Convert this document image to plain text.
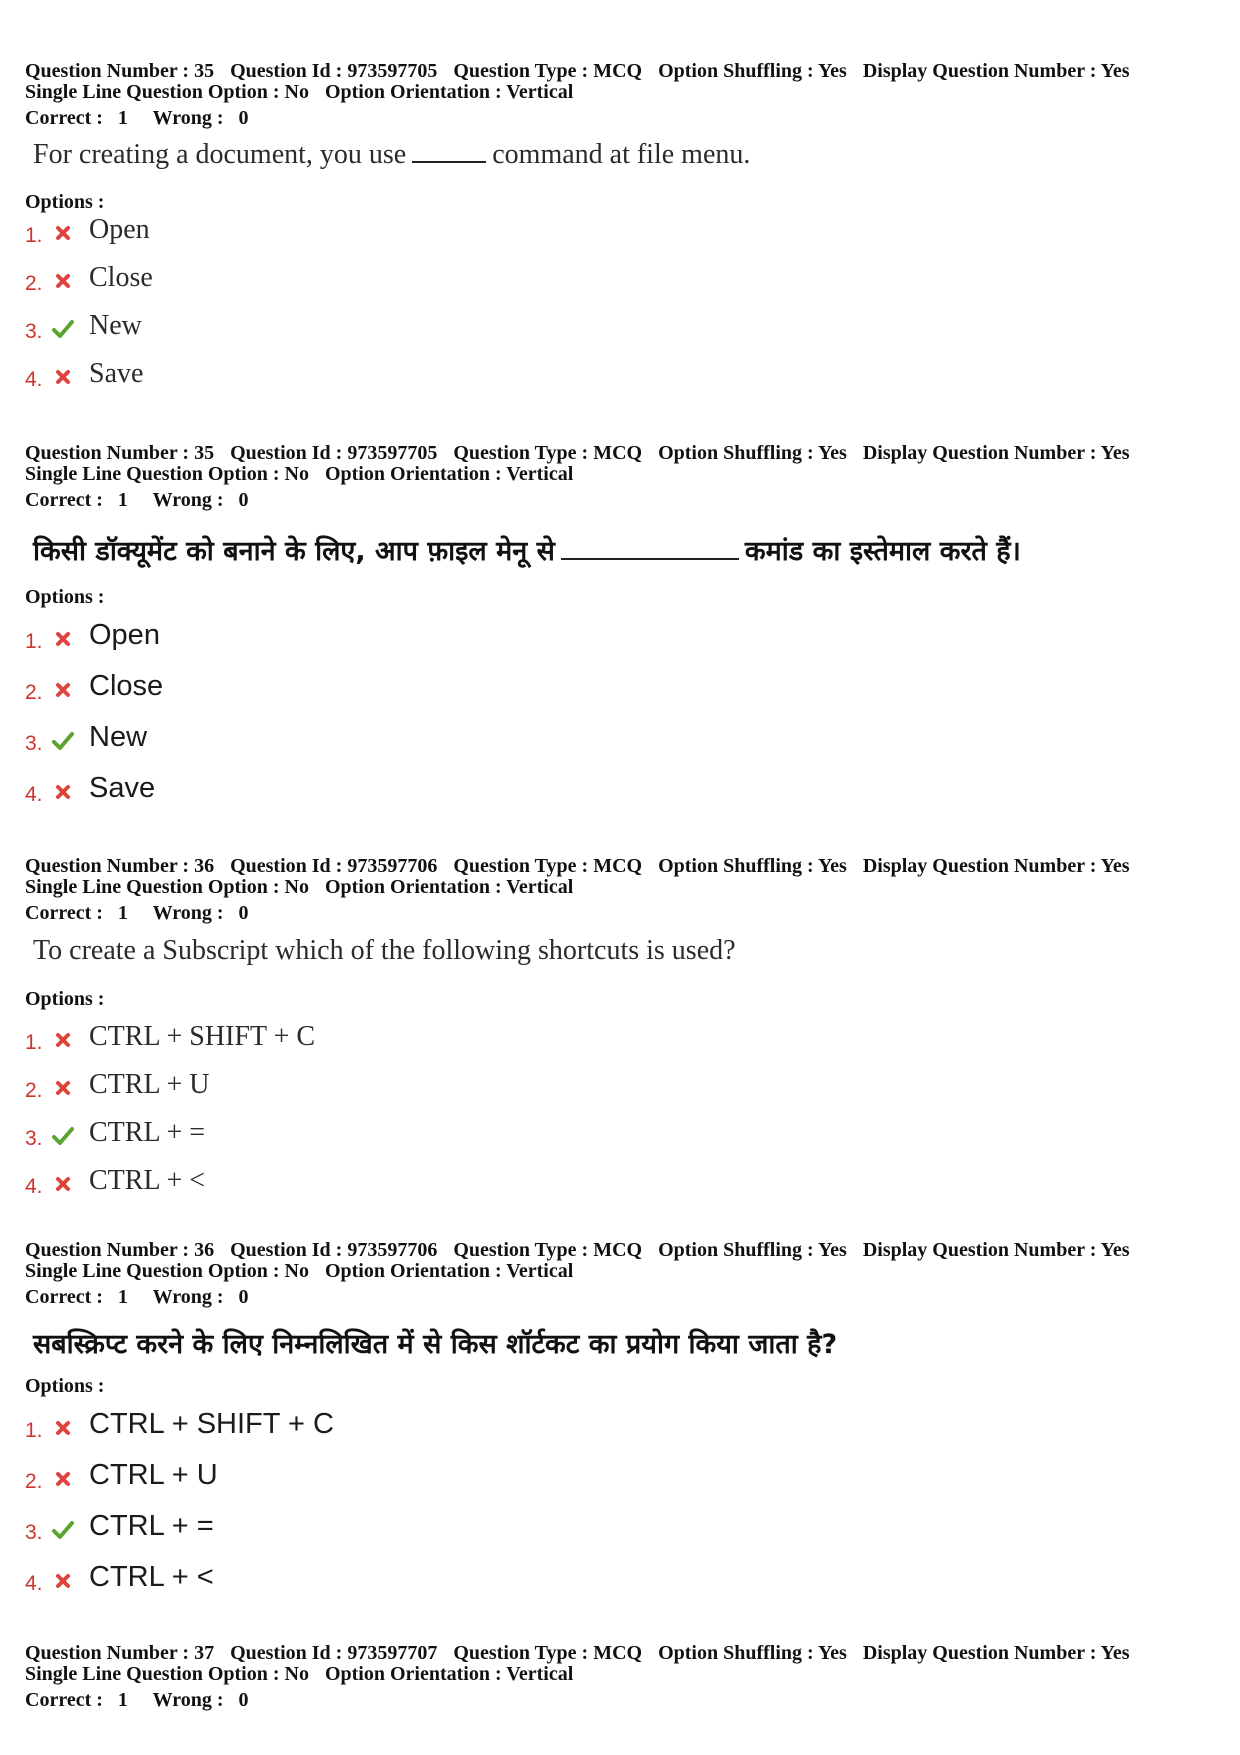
Question Number : 35 Question Id : 973597705 Question Type : MCQ Option Shuffling : Yes Display Question Number : Yes
Single Line Question Option : No Option Orientation : Vertical
Correct : 1 Wrong : 0
For creating a document, you use	command at file menu.
Options :
1. Open
2. Close
3. New
4. Save
Question Number : 35 Question Id : 973597705 Question Type : MCQ Option Shuffling : Yes Display Question Number : Yes
Single Line Question Option : No Option Orientation : Vertical
Correct : 1 Wrong : 0
किसी डॉक्यूमेंट को बनाने के लिए, आप फ़ाइल मेनू से	कमांड का इस्तेमाल करते हैं।
Options :
1. Open
2. Close
3. New
4. Save
Question Number : 36 Question Id : 973597706 Question Type : MCQ Option Shuffling : Yes Display Question Number : Yes
Single Line Question Option : No Option Orientation : Vertical
Correct : 1 Wrong : 0
To create a Subscript which of the following shortcuts is used?
Options :
1. CTRL + SHIFT + C
2. CTRL + U
3. CTRL + =
4. CTRL + <
Question Number : 36 Question Id : 973597706 Question Type : MCQ Option Shuffling : Yes Display Question Number : Yes
Single Line Question Option : No Option Orientation : Vertical
Correct : 1 Wrong : 0
सबस्क्रिप्ट करने के लिए निम्नलिखित में से किस शॉर्टकट का प्रयोग किया जाता है?
Options :
1. CTRL + SHIFT + C
2. CTRL + U
3. CTRL + =
4. CTRL + <
Question Number : 37 Question Id : 973597707 Question Type : MCQ Option Shuffling : Yes Display Question Number : Yes
Single Line Question Option : No Option Orientation : Vertical
Correct : 1 Wrong : 0
